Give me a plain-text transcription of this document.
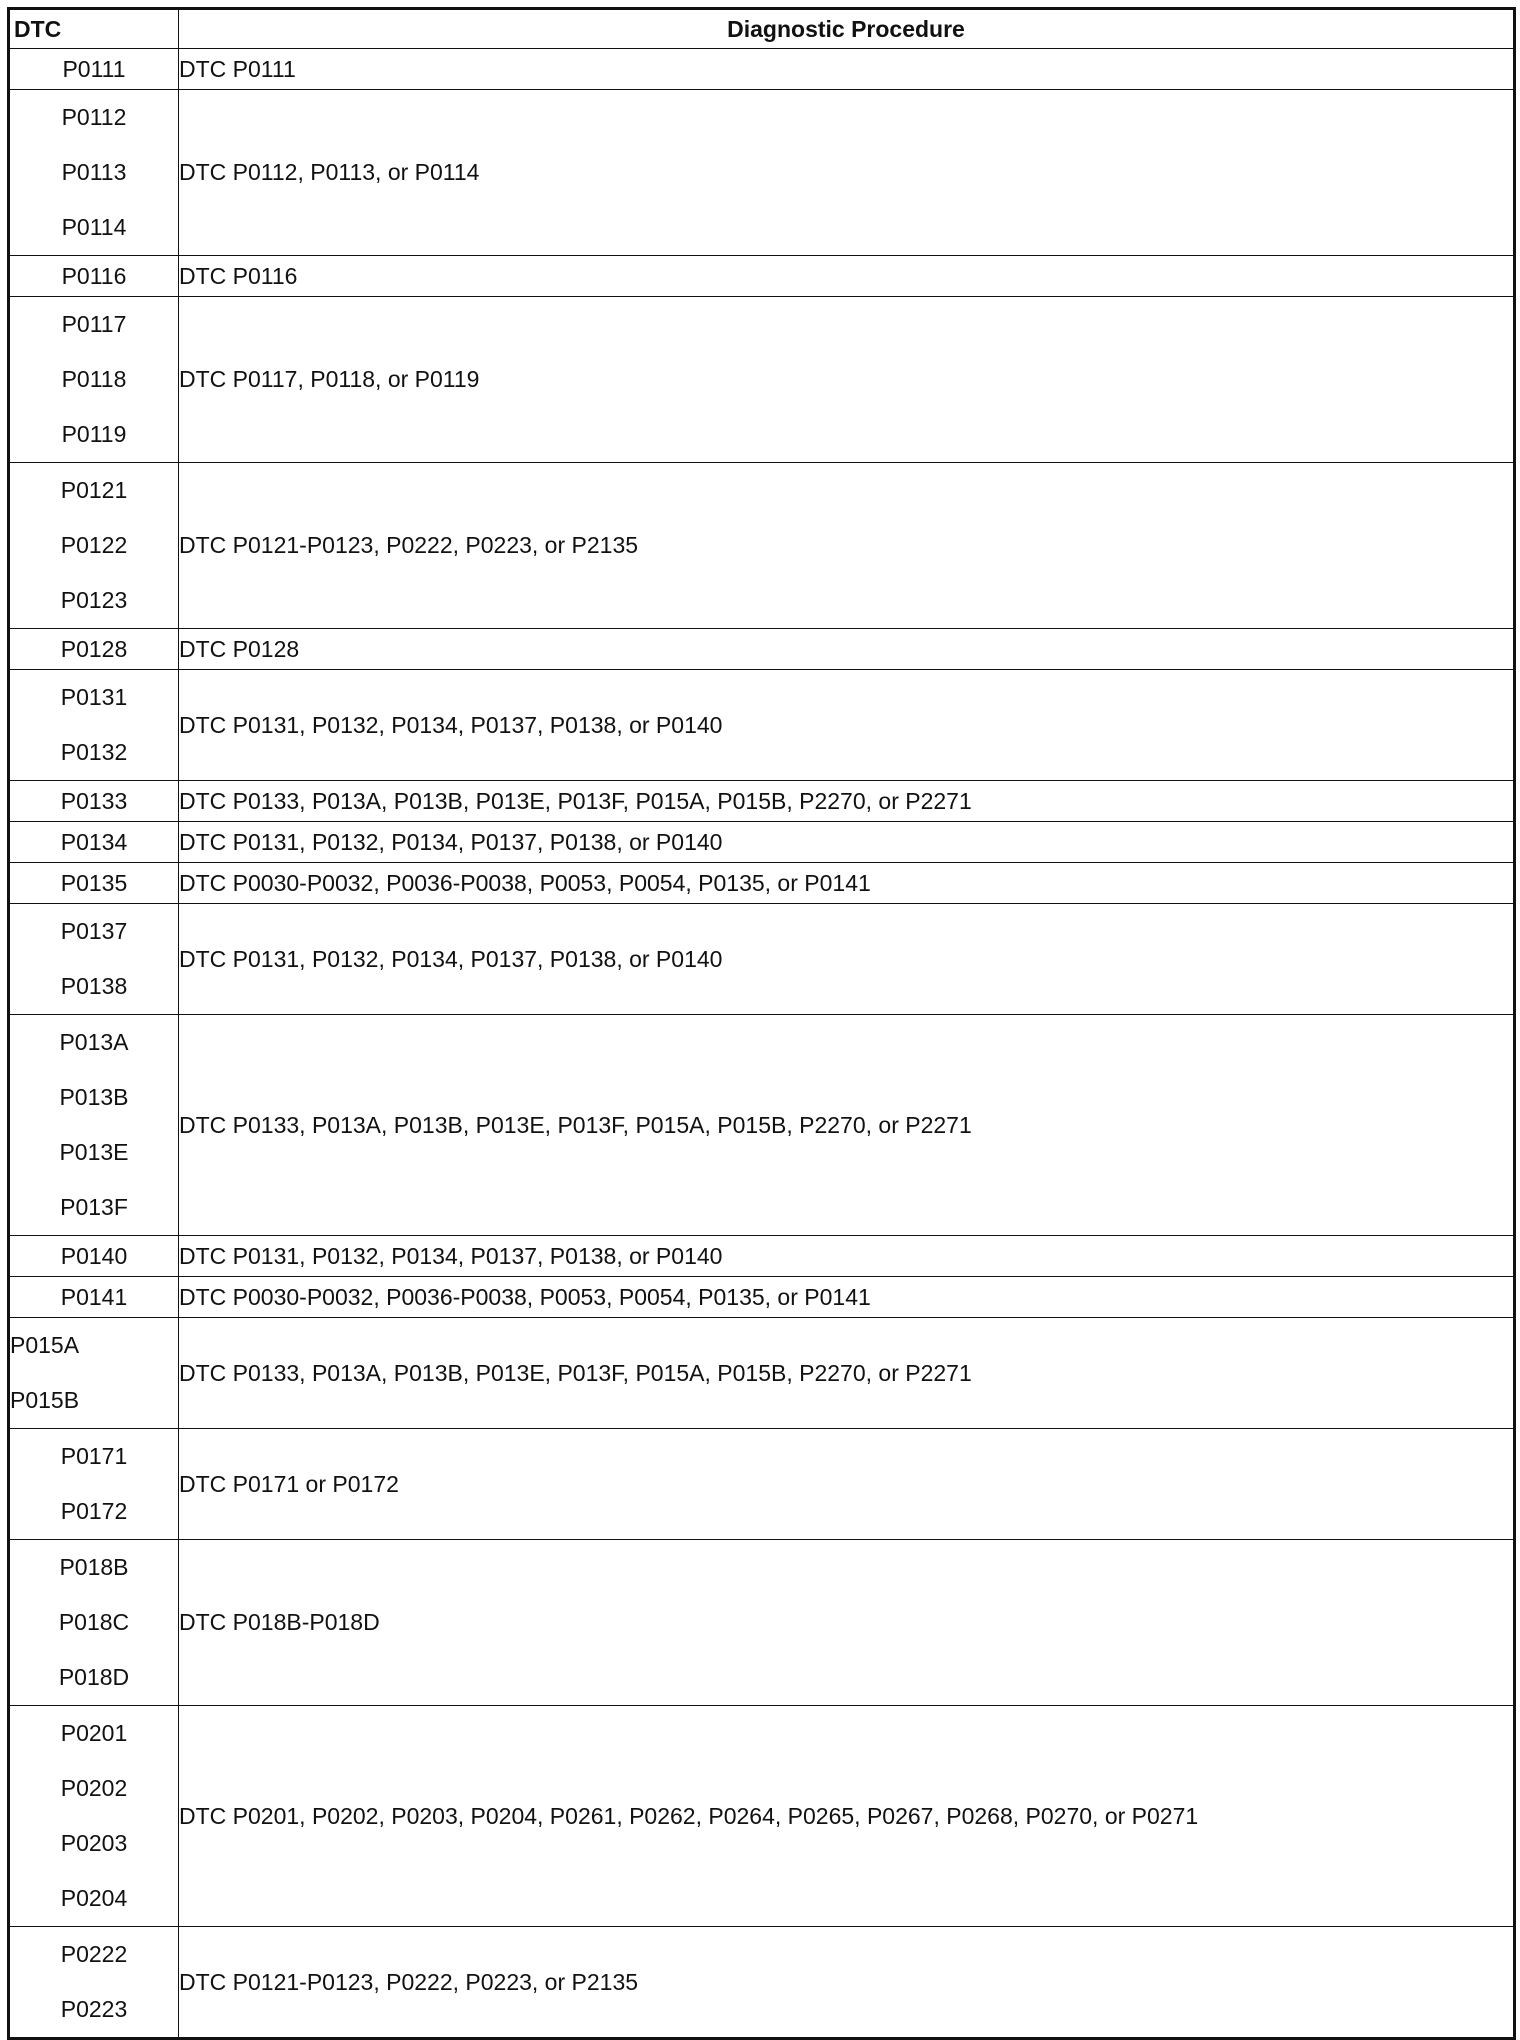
DTC	Diagnostic Procedure

P0111	DTC P0111

P0112
P0113
P0114	DTC P0112, P0113, or P0114

P0116	DTC P0116

P0117
P0118
P0119	DTC P0117, P0118, or P0119

P0121
P0122
P0123	DTC P0121-P0123, P0222, P0223, or P2135

P0128	DTC P0128

P0131
P0132	DTC P0131, P0132, P0134, P0137, P0138, or P0140

P0133	DTC P0133, P013A, P013B, P013E, P013F, P015A, P015B, P2270, or P2271

P0134	DTC P0131, P0132, P0134, P0137, P0138, or P0140

P0135	DTC P0030-P0032, P0036-P0038, P0053, P0054, P0135, or P0141

P0137
P0138	DTC P0131, P0132, P0134, P0137, P0138, or P0140

P013A
P013B
P013E
P013F	DTC P0133, P013A, P013B, P013E, P013F, P015A, P015B, P2270, or P2271

P0140	DTC P0131, P0132, P0134, P0137, P0138, or P0140

P0141	DTC P0030-P0032, P0036-P0038, P0053, P0054, P0135, or P0141

P015A
P015B	DTC P0133, P013A, P013B, P013E, P013F, P015A, P015B, P2270, or P2271

P0171
P0172	DTC P0171 or P0172

P018B
P018C
P018D	DTC P018B-P018D

P0201
P0202
P0203
P0204	DTC P0201, P0202, P0203, P0204, P0261, P0262, P0264, P0265, P0267, P0268, P0270, or P0271

P0222
P0223	DTC P0121-P0123, P0222, P0223, or P2135
